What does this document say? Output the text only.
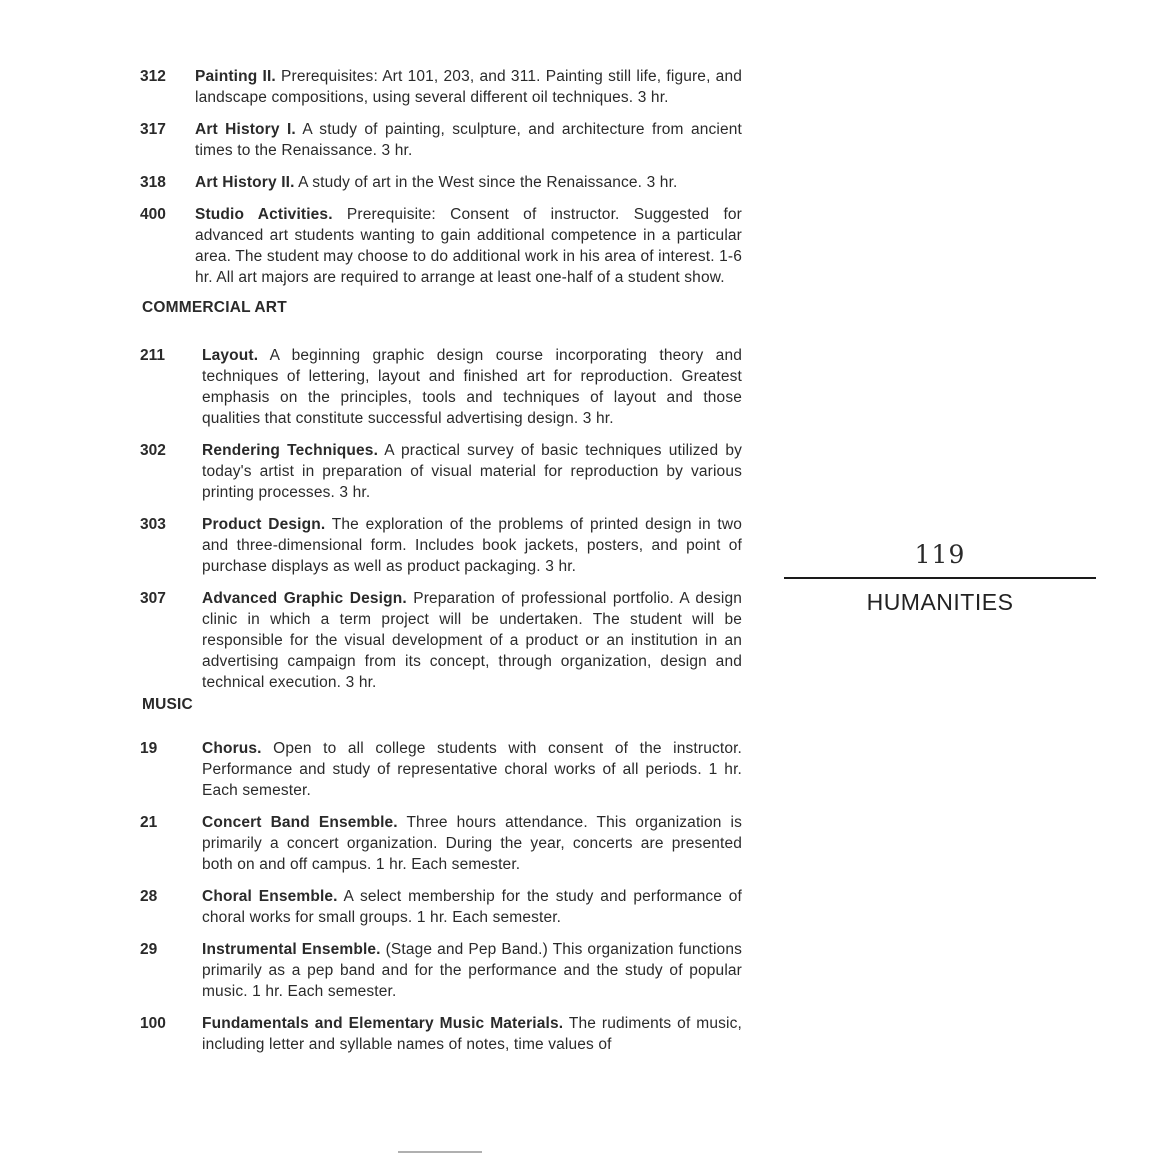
312 Painting II. Prerequisites: Art 101, 203, and 311. Painting still life, figure, and landscape compositions, using several different oil techniques. 3 hr.
317 Art History I. A study of painting, sculpture, and architecture from ancient times to the Renaissance. 3 hr.
318 Art History II. A study of art in the West since the Renaissance. 3 hr.
400 Studio Activities. Prerequisite: Consent of instructor. Suggested for advanced art students wanting to gain additional competence in a particular area. The student may choose to do additional work in his area of interest. 1-6 hr. All art majors are required to arrange at least one-half of a student show.
COMMERCIAL ART
211 Layout. A beginning graphic design course incorporating theory and techniques of lettering, layout and finished art for reproduction. Greatest emphasis on the principles, tools and techniques of layout and those qualities that constitute successful advertising design. 3 hr.
302 Rendering Techniques. A practical survey of basic techniques utilized by today's artist in preparation of visual material for reproduction by various printing processes. 3 hr.
303 Product Design. The exploration of the problems of printed design in two and three-dimensional form. Includes book jackets, posters, and point of purchase displays as well as product packaging. 3 hr.
307 Advanced Graphic Design. Preparation of professional portfolio. A design clinic in which a term project will be undertaken. The student will be responsible for the visual development of a product or an institution in an advertising campaign from its concept, through organization, design and technical execution. 3 hr.
MUSIC
19	Chorus. Open to all college students with consent of the instructor. Performance and study of representative choral works of all periods. 1 hr. Each semester.
21	Concert Band Ensemble. Three hours attendance. This organization is primarily a concert organization. During the year, concerts are presented both on and off campus. 1 hr. Each semester.
28	Choral Ensemble. A select membership for the study and performance of choral works for small groups. 1 hr. Each semester.
29	Instrumental Ensemble. (Stage and Pep Band.) This organization functions primarily as a pep band and for the performance and the study of popular music. 1 hr. Each semester.
100 Fundamentals and Elementary Music Materials. The rudiments of music, including letter and syllable names of notes, time values of
119
HUMANITIES
